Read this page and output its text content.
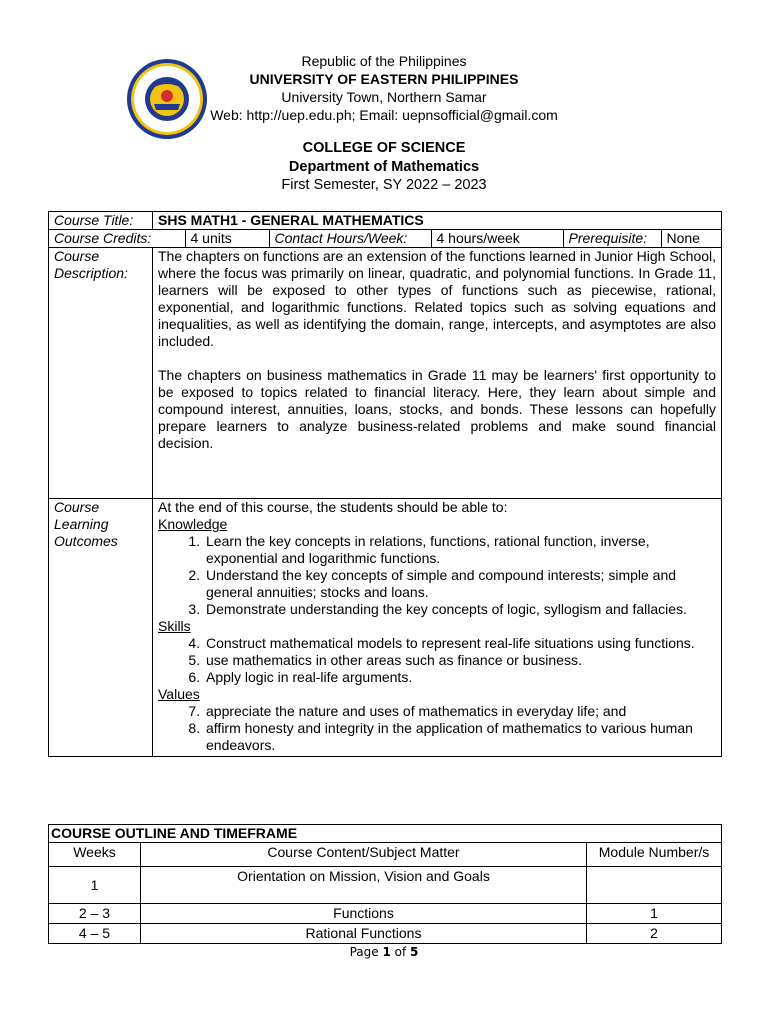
Republic of the Philippines
UNIVERSITY OF EASTERN PHILIPPINES
University Town, Northern Samar
Web: http://uep.edu.ph; Email: uepnsofficial@gmail.com
COLLEGE OF SCIENCE
Department of Mathematics
First Semester, SY 2022 – 2023
Course Title:	SHS MATH1 - GENERAL MATHEMATICS

Course Credits:	4 units	Contact Hours/Week:	4 hours/week	Prerequisite:	None

Course Description:	

The chapters on functions are an extension of the functions learned in Junior High School, where the focus was primarily on linear, quadratic, and polynomial functions. In Grade 11, learners will be exposed to other types of functions such as piecewise, rational, exponential, and logarithmic functions. Related topics such as solving equations and inequalities, as well as identifying the domain, range, intercepts, and asymptotes are also included.

The chapters on business mathematics in Grade 11 may be learners' first opportunity to be exposed to topics related to financial literacy. Here, they learn about simple and compound interest, annuities, loans, stocks, and bonds. These lessons can hopefully prepare learners to analyze business-related problems and make sound financial decision.

Course Learning Outcomes	
At the end of this course, the students should be able to:
Knowledge
1. Learn the key concepts in relations, functions, rational function, inverse, exponential and logarithmic functions.
2. Understand the key concepts of simple and compound interests; simple and general annuities; stocks and loans.
3. Demonstrate understanding the key concepts of logic, syllogism and fallacies.
Skills
4. Construct mathematical models to represent real-life situations using functions.
5. use mathematics in other areas such as finance or business.
6. Apply logic in real-life arguments.
Values
7. appreciate the nature and uses of mathematics in everyday life; and
8. affirm honesty and integrity in the application of mathematics to various human endeavors.
COURSE OUTLINE AND TIMEFRAME		
Weeks	Course Content/Subject Matter	Module Number/s
1	Orientation on Mission, Vision and Goals	
2 – 3	Functions	1
4 – 5	Rational Functions	2
Page 1 of 5
